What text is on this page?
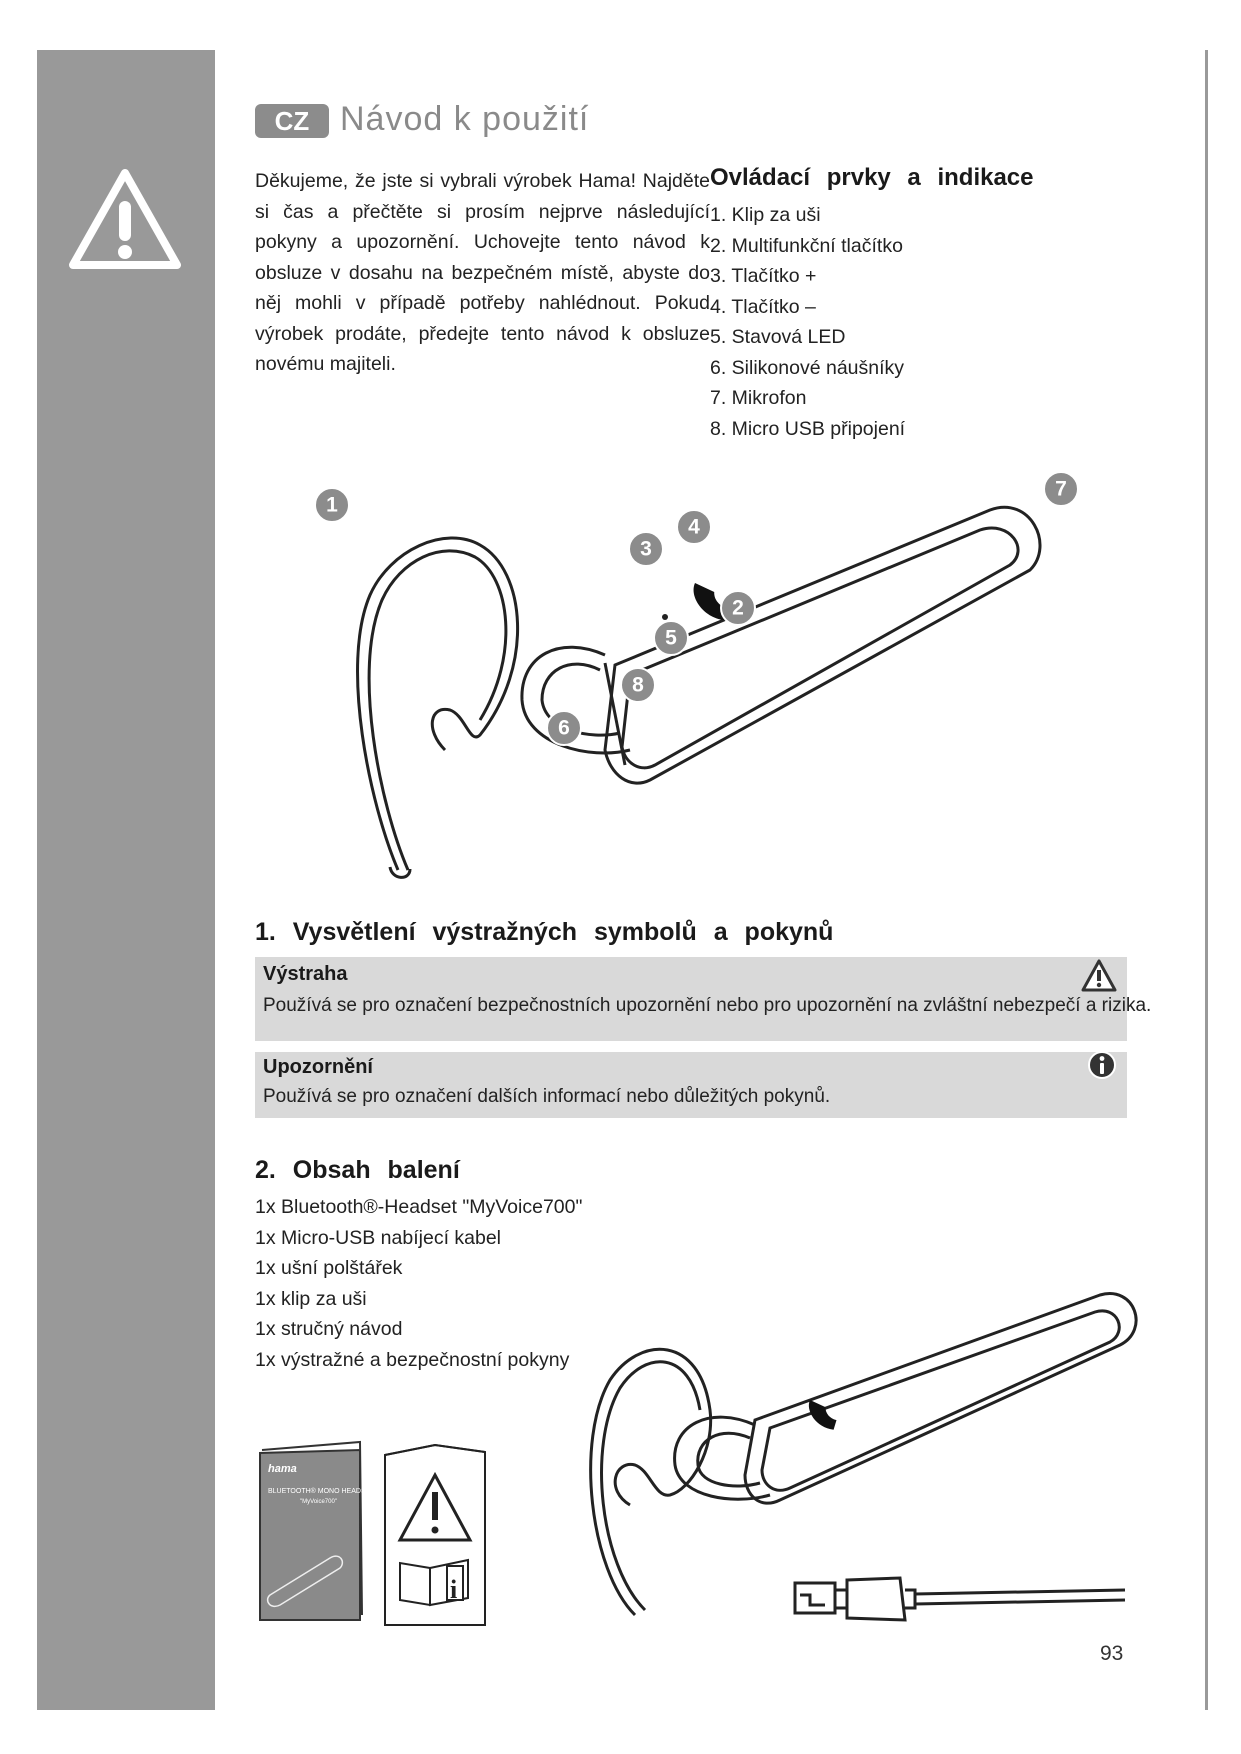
CZ Návod k použití

Děkujeme, že jste si vybrali výrobek Hama! Najděte si čas a přečtěte si prosím nejprve následující pokyny a upozornění. Uchovejte tento návod k obsluze v dosahu na bezpečném místě, abyste do něj mohli v případě potřeby nahlédnout. Pokud výrobek prodáte, předejte tento návod k obsluze novému majiteli.

Ovládací prvky a indikace
1. Klip za uši
2. Multifunkční tlačítko
3. Tlačítko +
4. Tlačítko –
5. Stavová LED
6. Silikonové náušníky
7. Mikrofon
8. Micro USB připojení
1
2
3
4
5
6
7
8
1. Vysvětlení výstražných symbolů a pokynů
Výstraha
Používá se pro označení bezpečnostních upozornění nebo pro upozornění na zvláštní nebezpečí a rizika.
Upozornění
Používá se pro označení dalších informací nebo důležitých pokynů.
2. Obsah balení
1x Bluetooth®-Headset "MyVoice700"
1x Micro-USB nabíjecí kabel
1x ušní polštářek
1x klip za uši
1x stručný návod
1x výstražné a bezpečnostní pokyny
hama
BLUETOOTH® MONO HEADSET
"MyVoice700"
i
93
